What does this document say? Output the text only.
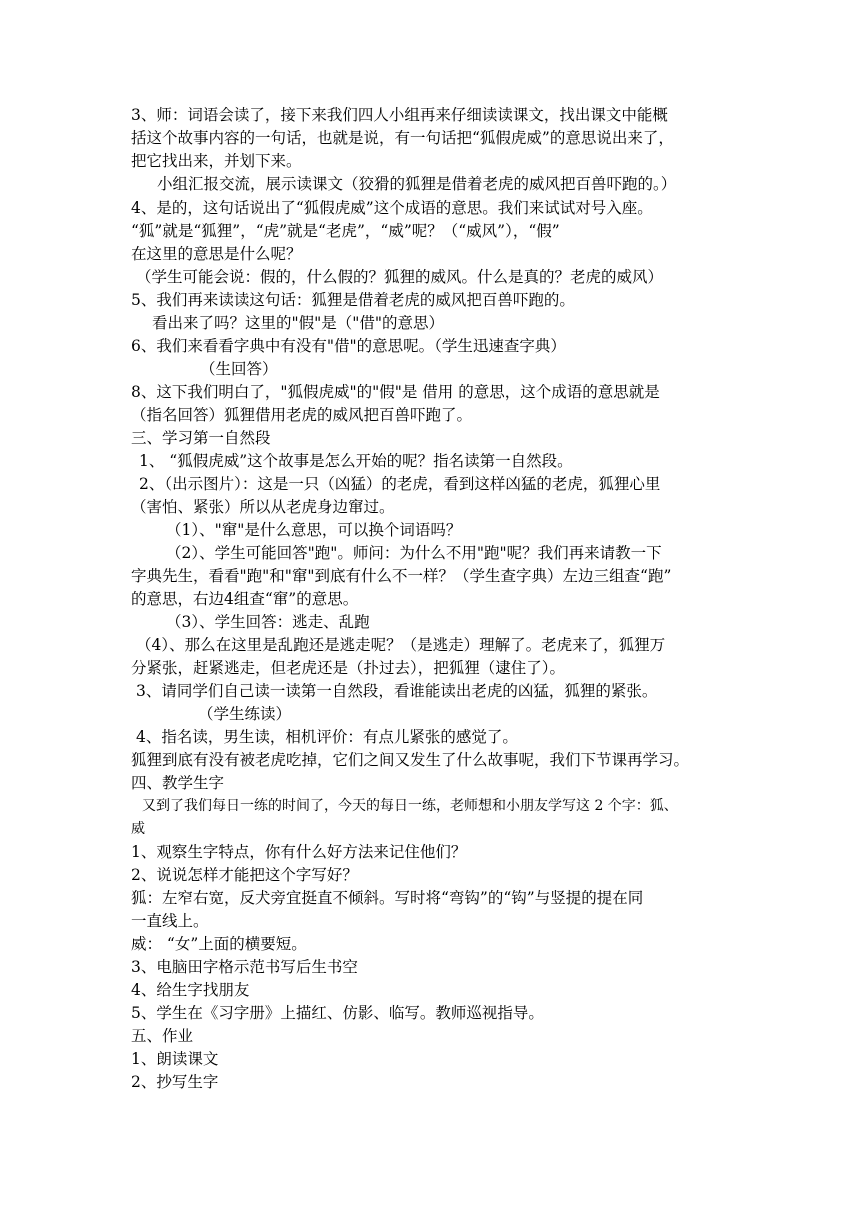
3、师：词语会读了，接下来我们四人小组再来仔细读读课文，找出课文中能概
括这个故事内容的一句话，也就是说，有一句话把“狐假虎威”的意思说出来了，
把它找出来，并划下来。
小组汇报交流，展示读课文（狡猾的狐狸是借着老虎的威风把百兽吓跑的。）
4、是的，这句话说出了“狐假虎威”这个成语的意思。我们来试试对号入座。
“狐”就是“狐狸”，“虎”就是“老虎”，“威”呢？（“威风”），“假”
在这里的意思是什么呢？
（学生可能会说：假的，什么假的？狐狸的威风。什么是真的？老虎的威风）
5、我们再来读读这句话：狐狸是借着老虎的威风把百兽吓跑的。
看出来了吗？这里的"假"是（"借"的意思）
6、我们来看看字典中有没有"借"的意思呢。（学生迅速查字典）
（生回答）
8、这下我们明白了，"狐假虎威"的"假"是 借用 的意思，这个成语的意思就是
（指名回答）狐狸借用老虎的威风把百兽吓跑了。
三、学习第一自然段
1、 “狐假虎威”这个故事是怎么开始的呢？指名读第一自然段。
2、（出示图片）：这是一只（凶猛）的老虎，看到这样凶猛的老虎，狐狸心里
（害怕、紧张）所以从老虎身边窜过。
（1）、"窜"是什么意思，可以换个词语吗？
（2）、学生可能回答"跑"。师问：为什么不用"跑"呢？我们再来请教一下
字典先生，看看"跑"和"窜"到底有什么不一样？（学生查字典）左边三组查“跑”
的意思，右边4组查“窜”的意思。
（3）、学生回答：逃走、乱跑
（4）、那么在这里是乱跑还是逃走呢？（是逃走）理解了。老虎来了，狐狸万
分紧张，赶紧逃走，但老虎还是（扑过去），把狐狸（逮住了）。
3、请同学们自己读一读第一自然段，看谁能读出老虎的凶猛，狐狸的紧张。
（学生练读）
4、指名读，男生读，相机评价：有点儿紧张的感觉了。
狐狸到底有没有被老虎吃掉，它们之间又发生了什么故事呢，我们下节课再学习。
四、教学生字
又到了我们每日一练的时间了，今天的每日一练，老师想和小朋友学写这 2 个字：狐、
威
1、观察生字特点，你有什么好方法来记住他们？
2、说说怎样才能把这个字写好？
狐：左窄右宽，反犬旁宜挺直不倾斜。写时将“弯钩”的“钩”与竖提的提在同
一直线上。
威： “女”上面的横要短。
3、电脑田字格示范书写后生书空
4、给生字找朋友
5、学生在《习字册》上描红、仿影、临写。教师巡视指导。
五、作业
1、朗读课文
2、抄写生字
